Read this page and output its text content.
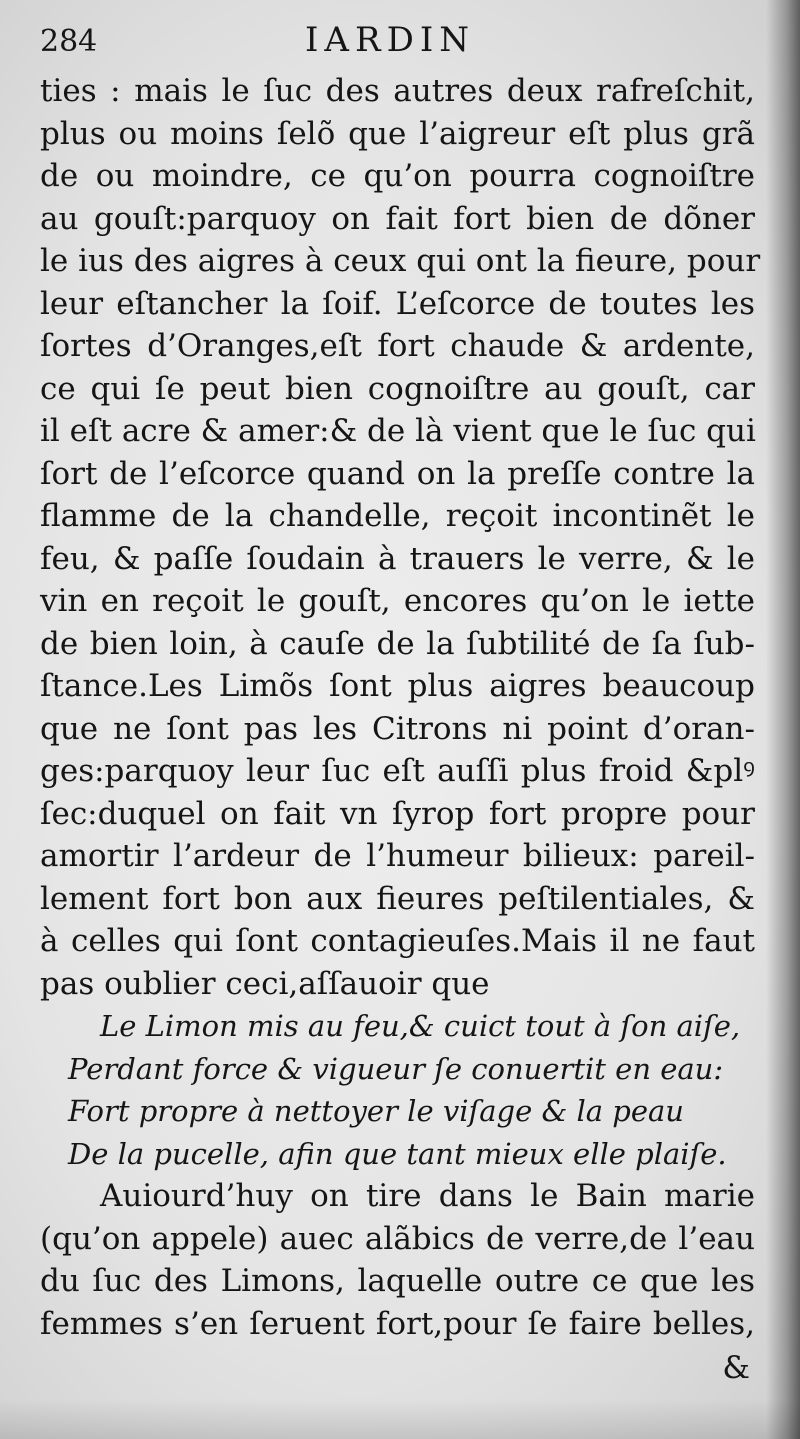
284	IARDIN
ties : mais le ſuc des autres deux rafreſchit,
plus ou moins ſelõ que l’aigreur eſt plus grã
de ou moindre, ce qu’on pourra cognoiſtre
au gouſt:parquoy on fait fort bien de dõner
le ius des aigres à ceux qui ont la fieure, pour
leur eſtancher la ſoif. L’eſcorce de toutes les
ſortes d’Oranges,eſt fort chaude & ardente,
ce qui ſe peut bien cognoiſtre au gouſt, car
il eſt acre & amer:& de là vient que le ſuc qui
ſort de l’eſcorce quand on la preſſe contre la
flamme de la chandelle, reçoit incontinẽt le
feu, & paſſe ſoudain à trauers le verre, & le
vin en reçoit le gouſt, encores qu’on le iette
de bien loin, à cauſe de la ſubtilité de ſa ſub-
ſtance.Les Limõs ſont plus aigres beaucoup
que ne ſont pas les Citrons ni point d’oran-
ges:parquoy leur ſuc eſt auſſi plus froid &plꝰ
ſec:duquel on fait vn ſyrop fort propre pour
amortir l’ardeur de l’humeur bilieux: pareil-
lement fort bon aux fieures peſtilentiales, &
à celles qui ſont contagieuſes.Mais il ne faut
pas oublier ceci,aſſauoir que
Le Limon mis au feu,& cuict tout à ſon aiſe,
Perdant force & vigueur ſe conuertit en eau:
Fort propre à nettoyer le viſage & la peau
De la pucelle, afin que tant mieux elle plaiſe.
Auiourd’huy on tire dans le Bain marie
(qu’on appele) auec alãbics de verre,de l’eau
du ſuc des Limons, laquelle outre ce que les
femmes s’en ſeruent fort,pour ſe faire belles,
&
